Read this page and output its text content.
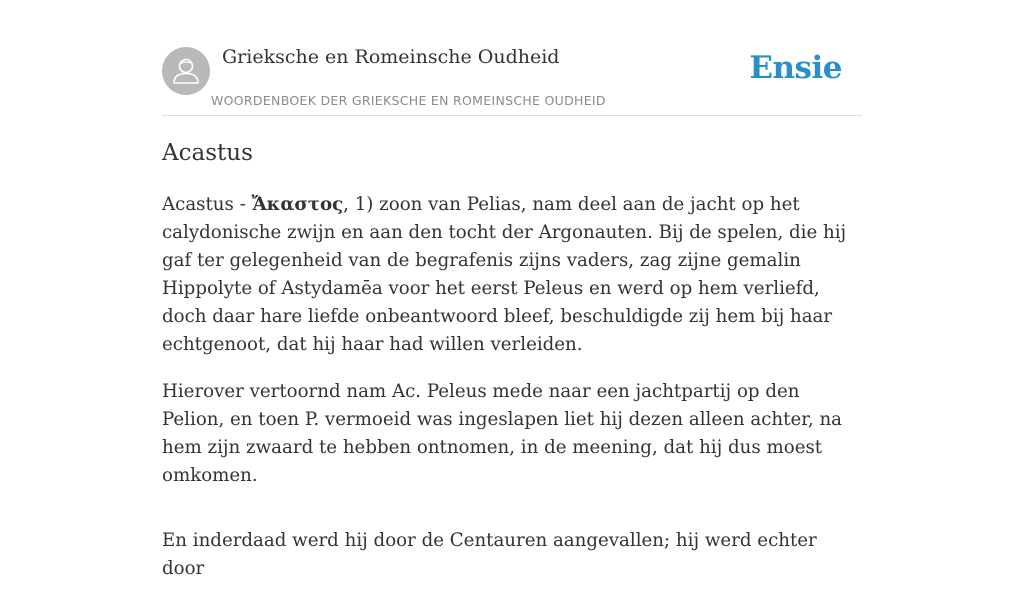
Grieksche en Romeinsche Oudheid
WOORDENBOEK DER GRIEKSCHE EN ROMEINSCHE OUDHEID
Ensie
Acastus

Acastus - Ἄκαστος, 1) zoon van Pelias, nam deel aan de jacht op het calydonische zwijn en aan den tocht der Argonauten. Bij de spelen, die hij gaf ter gelegenheid van de begrafenis zijns vaders, zag zijne gemalin Hippolyte of Astydamēa voor het eerst Peleus en werd op hem verliefd, doch daar hare liefde onbeantwoord bleef, beschuldigde zij hem bij haar echtgenoot, dat hij haar had willen verleiden.

Hierover vertoornd nam Ac. Peleus mede naar een jachtpartij op den Pelion, en toen P. vermoeid was ingeslapen liet hij dezen alleen achter, na hem zijn zwaard te hebben ontnomen, in de meening, dat hij dus moest omkomen.

En inderdaad werd hij door de Centauren aangevallen; hij werd echter door
